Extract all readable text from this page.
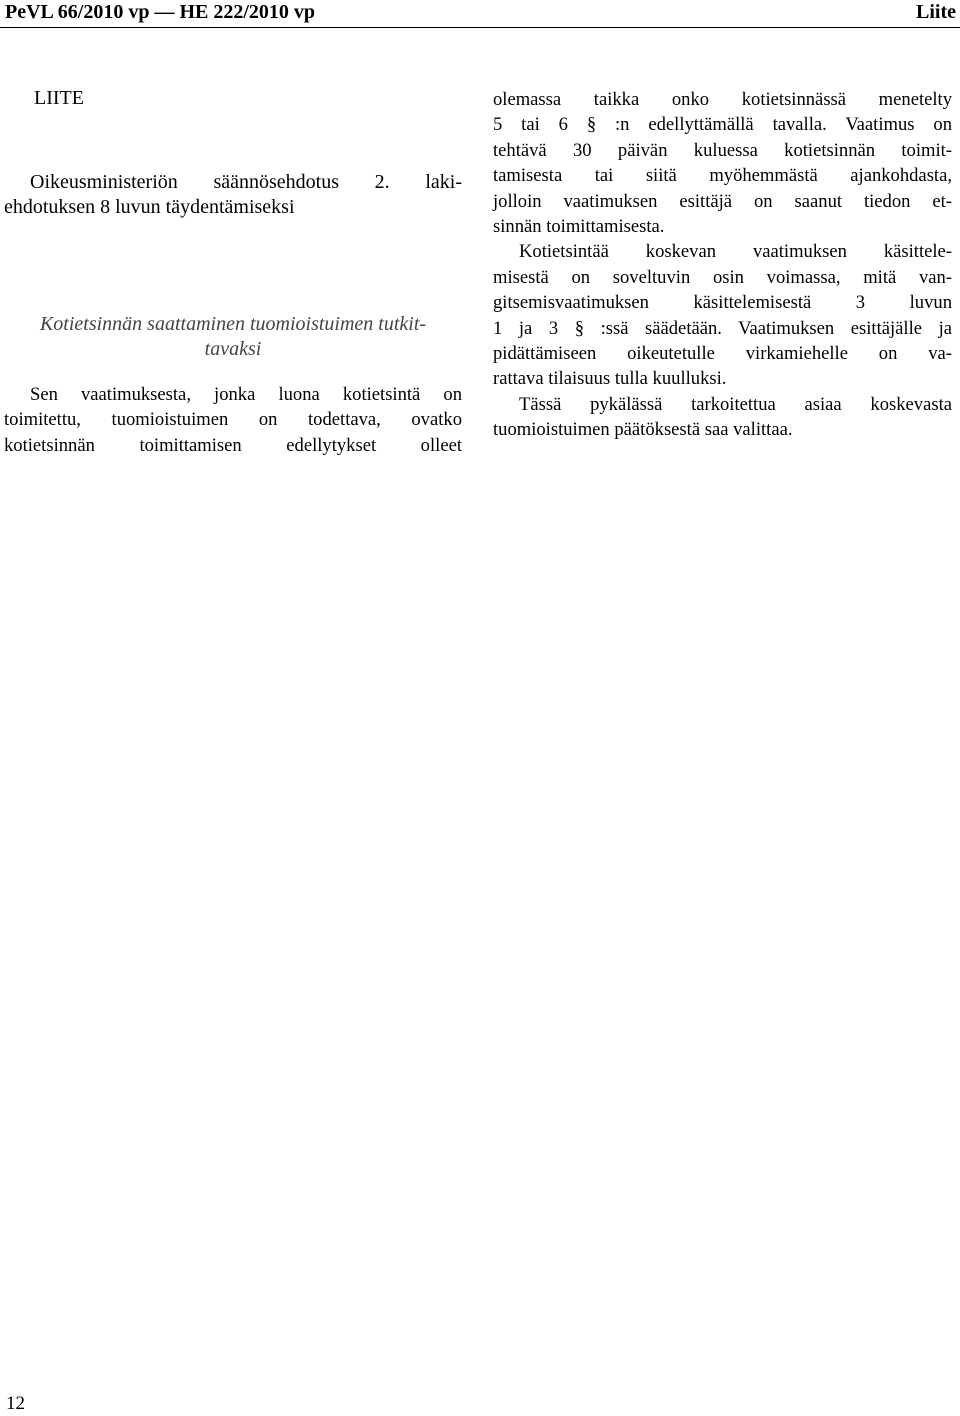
PeVL 66/2010 vp — HE 222/2010 vp	Liite
LIITE
Oikeusministeriön säännösehdotus 2. laki-
ehdotuksen 8 luvun täydentämiseksi
Kotietsinnän saattaminen tuomioistuimen tutkit-
tavaksi
Sen vaatimuksesta, jonka luona kotietsintä on
toimitettu, tuomioistuimen on todettava, ovatko
kotietsinnän toimittamisen edellytykset olleet
olemassa taikka onko kotietsinnässä menetelty
5 tai 6 § :n edellyttämällä tavalla. Vaatimus on
tehtävä 30 päivän kuluessa kotietsinnän toimit-
tamisesta tai siitä myöhemmästä ajankohdasta,
jolloin vaatimuksen esittäjä on saanut tiedon et-
sinnän toimittamisesta.
Kotietsintää koskevan vaatimuksen käsittele-
misestä on soveltuvin osin voimassa, mitä van-
gitsemisvaatimuksen käsittelemisestä 3 luvun
1 ja 3 § :ssä säädetään. Vaatimuksen esittäjälle ja
pidättämiseen oikeutetulle virkamiehelle on va-
rattava tilaisuus tulla kuulluksi.
Tässä pykälässä tarkoitettua asiaa koskevasta
tuomioistuimen päätöksestä saa valittaa.
12
